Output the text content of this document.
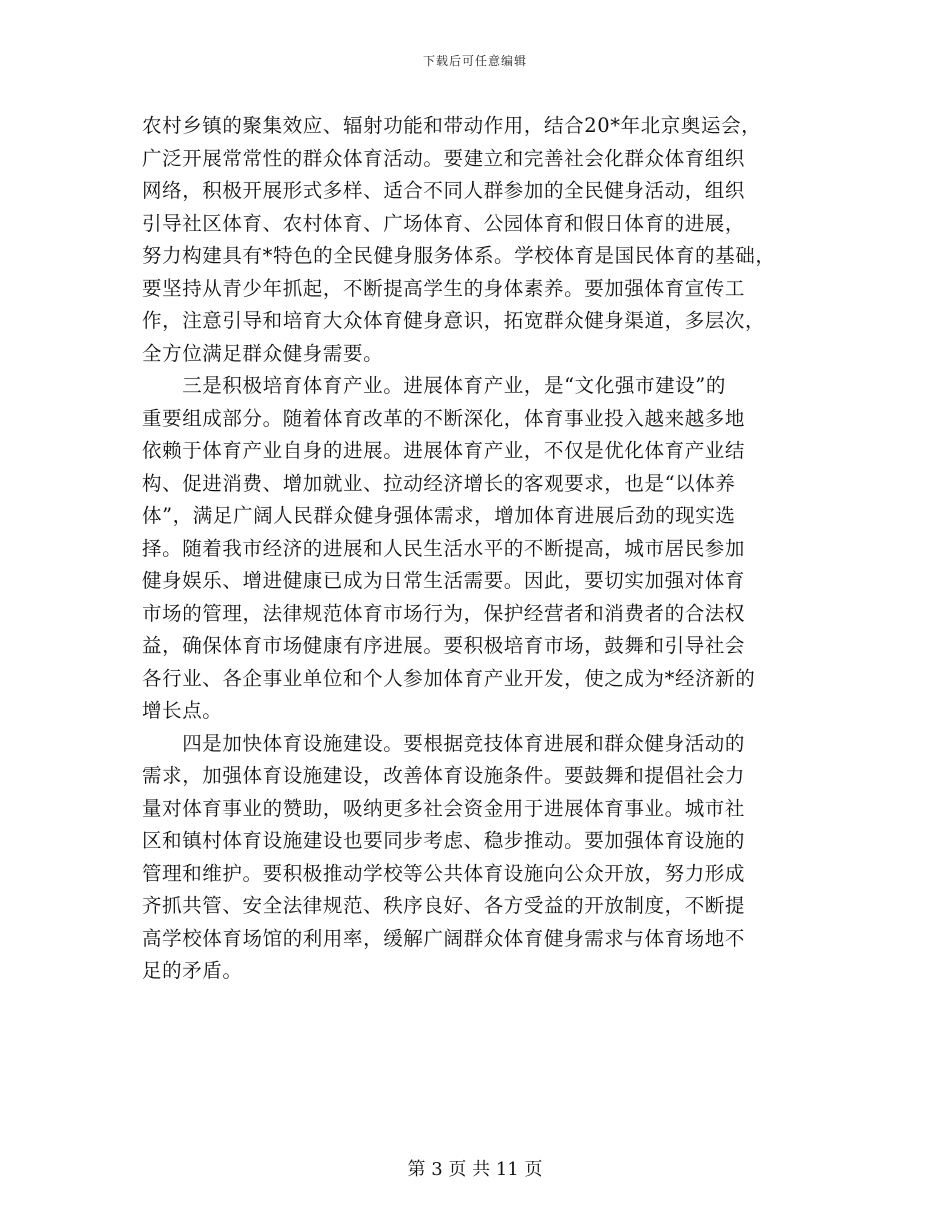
下载后可任意编辑
农村乡镇的聚集效应、辐射功能和带动作用，结合20*年北京奥运会，
广泛开展常常性的群众体育活动。要建立和完善社会化群众体育组织
网络，积极开展形式多样、适合不同人群参加的全民健身活动，组织
引导社区体育、农村体育、广场体育、公园体育和假日体育的进展，
努力构建具有*特色的全民健身服务体系。学校体育是国民体育的基础，
要坚持从青少年抓起，不断提高学生的身体素养。要加强体育宣传工
作，注意引导和培育大众体育健身意识，拓宽群众健身渠道，多层次，
全方位满足群众健身需要。
　　三是积极培育体育产业。进展体育产业，是“文化强市建设”的
重要组成部分。随着体育改革的不断深化，体育事业投入越来越多地
依赖于体育产业自身的进展。进展体育产业，不仅是优化体育产业结
构、促进消费、增加就业、拉动经济增长的客观要求，也是“以体养
体”，满足广阔人民群众健身强体需求，增加体育进展后劲的现实选
择。随着我市经济的进展和人民生活水平的不断提高，城市居民参加
健身娱乐、增进健康已成为日常生活需要。因此，要切实加强对体育
市场的管理，法律规范体育市场行为，保护经营者和消费者的合法权
益，确保体育市场健康有序进展。要积极培育市场，鼓舞和引导社会
各行业、各企事业单位和个人参加体育产业开发，使之成为*经济新的
增长点。
　　四是加快体育设施建设。要根据竞技体育进展和群众健身活动的
需求，加强体育设施建设，改善体育设施条件。要鼓舞和提倡社会力
量对体育事业的赞助，吸纳更多社会资金用于进展体育事业。城市社
区和镇村体育设施建设也要同步考虑、稳步推动。要加强体育设施的
管理和维护。要积极推动学校等公共体育设施向公众开放，努力形成
齐抓共管、安全法律规范、秩序良好、各方受益的开放制度，不断提
高学校体育场馆的利用率，缓解广阔群众体育健身需求与体育场地不
足的矛盾。
第 3 页 共 11 页
